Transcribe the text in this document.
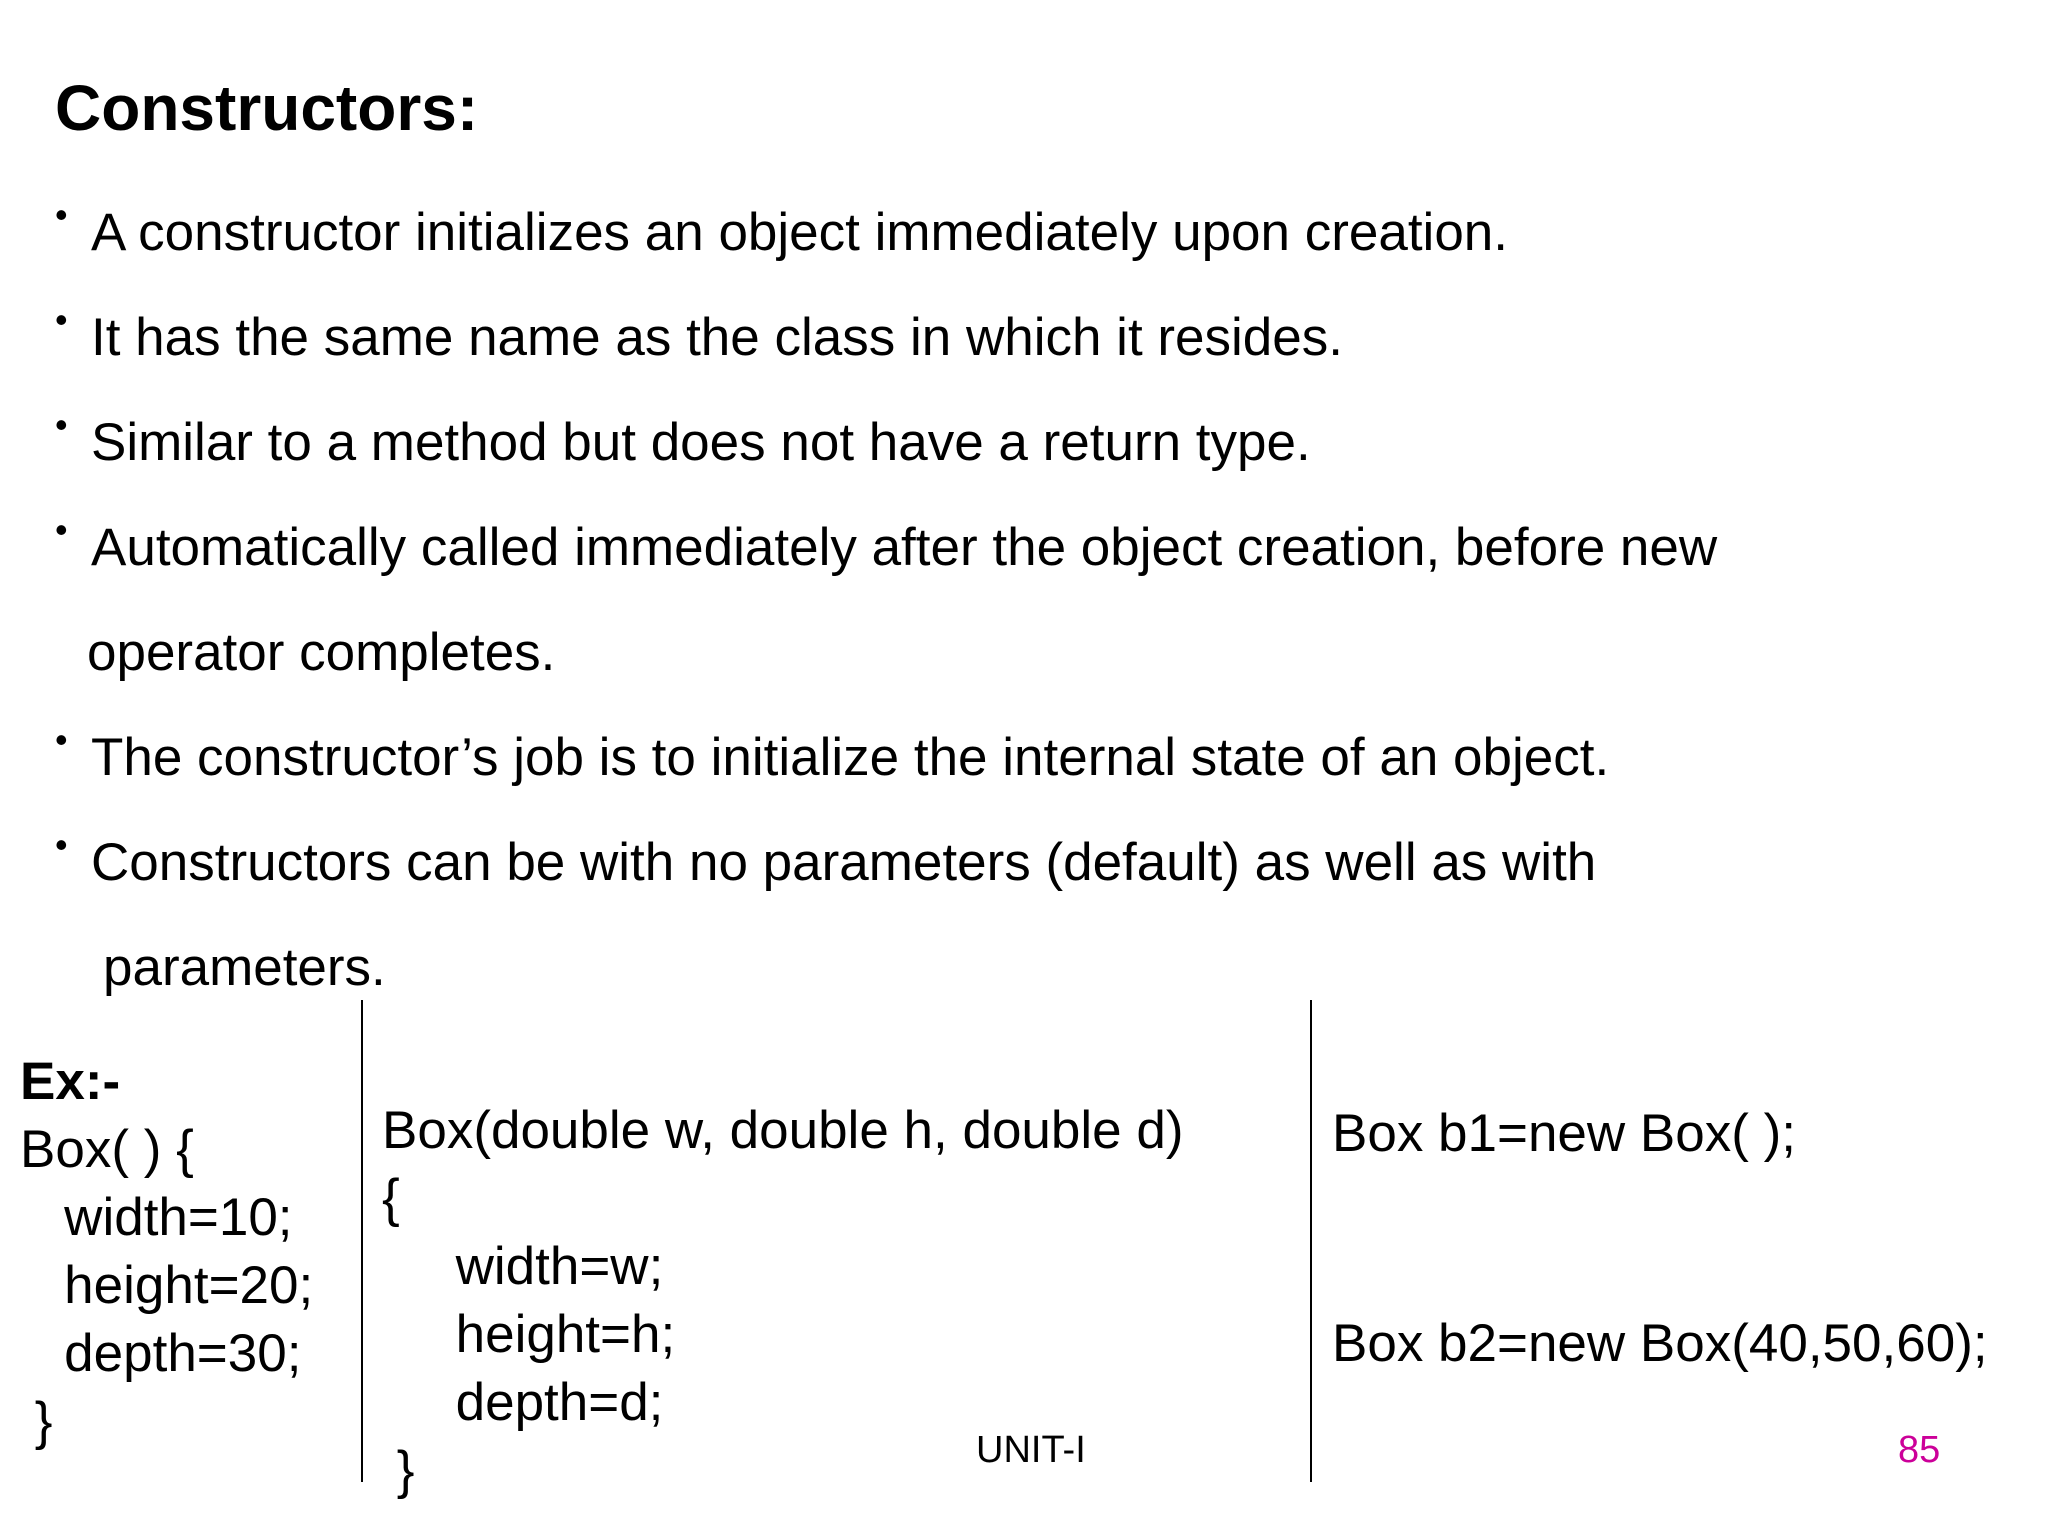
Constructors:
• A constructor initializes an object immediately upon creation.
• It has the same name as the class in which it resides.
• Similar to a method but does not have a return type.
• Automatically called immediately after the object creation, before new
operator completes.
• The constructor’s job is to initialize the internal state of an object.
• Constructors can be with no parameters (default) as well as with
parameters.
Ex:-
Box( ) {
width=10;
height=20;
depth=30;
}
Box(double w, double h, double d)
{
width=w;
height=h;
depth=d;
}
Box b1=new Box( );
Box b2=new Box(40,50,60);
UNIT-I	85
